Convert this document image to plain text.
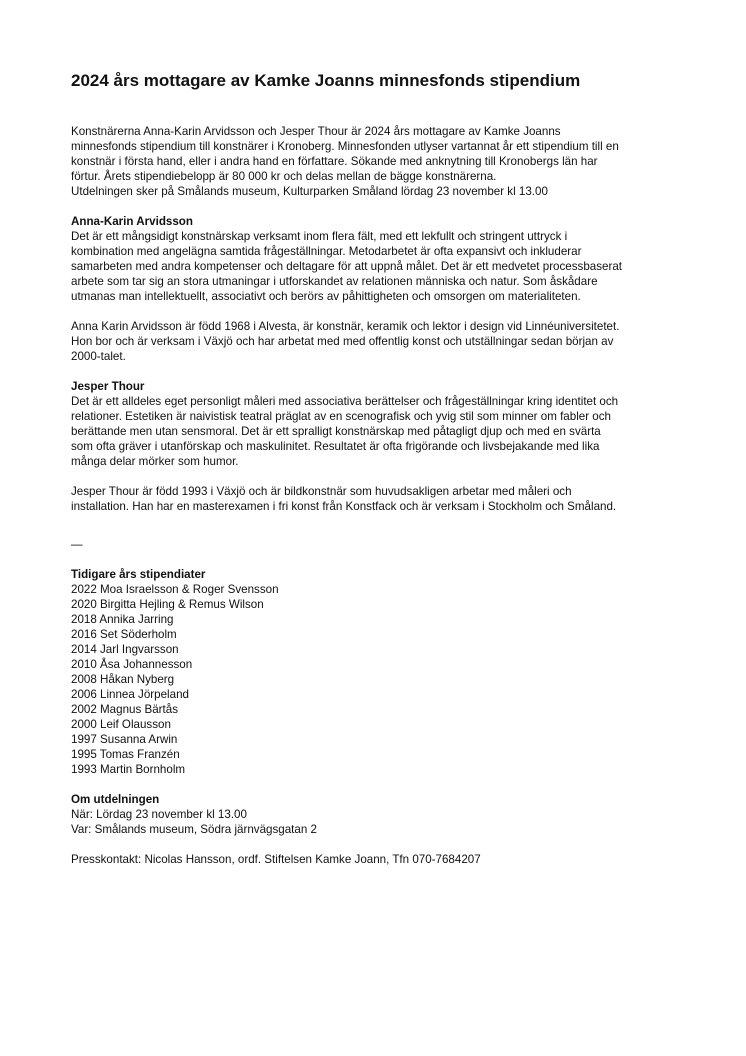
2024 års mottagare av Kamke Joanns minnesfonds stipendium

Konstnärerna Anna-Karin Arvidsson och Jesper Thour är 2024 års mottagare av Kamke Joanns
minnesfonds stipendium till konstnärer i Kronoberg. Minnesfonden utlyser vartannat år ett stipendium till en
konstnär i första hand, eller i andra hand en författare. Sökande med anknytning till Kronobergs län har
förtur. Årets stipendiebelopp är 80 000 kr och delas mellan de bägge konstnärerna.
Utdelningen sker på Smålands museum, Kulturparken Småland lördag 23 november kl 13.00

Anna-Karin Arvidsson

Det är ett mångsidigt konstnärskap verksamt inom flera fält, med ett lekfullt och stringent uttryck i
kombination med angelägna samtida frågeställningar. Metodarbetet är ofta expansivt och inkluderar
samarbeten med andra kompetenser och deltagare för att uppnå målet. Det är ett medvetet processbaserat
arbete som tar sig an stora utmaningar i utforskandet av relationen människa och natur. Som åskådare
utmanas man intellektuellt, associativt och berörs av påhittigheten och omsorgen om materialiteten.

Anna Karin Arvidsson är född 1968 i Alvesta, är konstnär, keramik och lektor i design vid Linnéuniversitetet.
Hon bor och är verksam i Växjö och har arbetat med med offentlig konst och utställningar sedan början av
2000-talet.

Jesper Thour

Det är ett alldeles eget personligt måleri med associativa berättelser och frågeställningar kring identitet och
relationer. Estetiken är naivistisk teatral präglat av en scenografisk och yvig stil som minner om fabler och
berättande men utan sensmoral. Det är ett spralligt konstnärskap med påtagligt djup och med en svärta
som ofta gräver i utanförskap och maskulinitet. Resultatet är ofta frigörande och livsbejakande med lika
många delar mörker som humor.

Jesper Thour är född 1993 i Växjö och är bildkonstnär som huvudsakligen arbetar med måleri och
installation. Han har en masterexamen i fri konst från Konstfack och är verksam i Stockholm och Småland.

—

Tidigare års stipendiater

2022 Moa Israelsson & Roger Svensson
2020 Birgitta Hejling & Remus Wilson
2018 Annika Jarring
2016 Set Söderholm
2014 Jarl Ingvarsson
2010 Åsa Johannesson
2008 Håkan Nyberg
2006 Linnea Jörpeland
2002 Magnus Bärtås
2000 Leif Olausson
1997 Susanna Arwin
1995 Tomas Franzén
1993 Martin Bornholm

Om utdelningen

När: Lördag 23 november kl 13.00
Var: Smålands museum, Södra järnvägsgatan 2

Presskontakt: Nicolas Hansson, ordf. Stiftelsen Kamke Joann, Tfn 070-7684207
